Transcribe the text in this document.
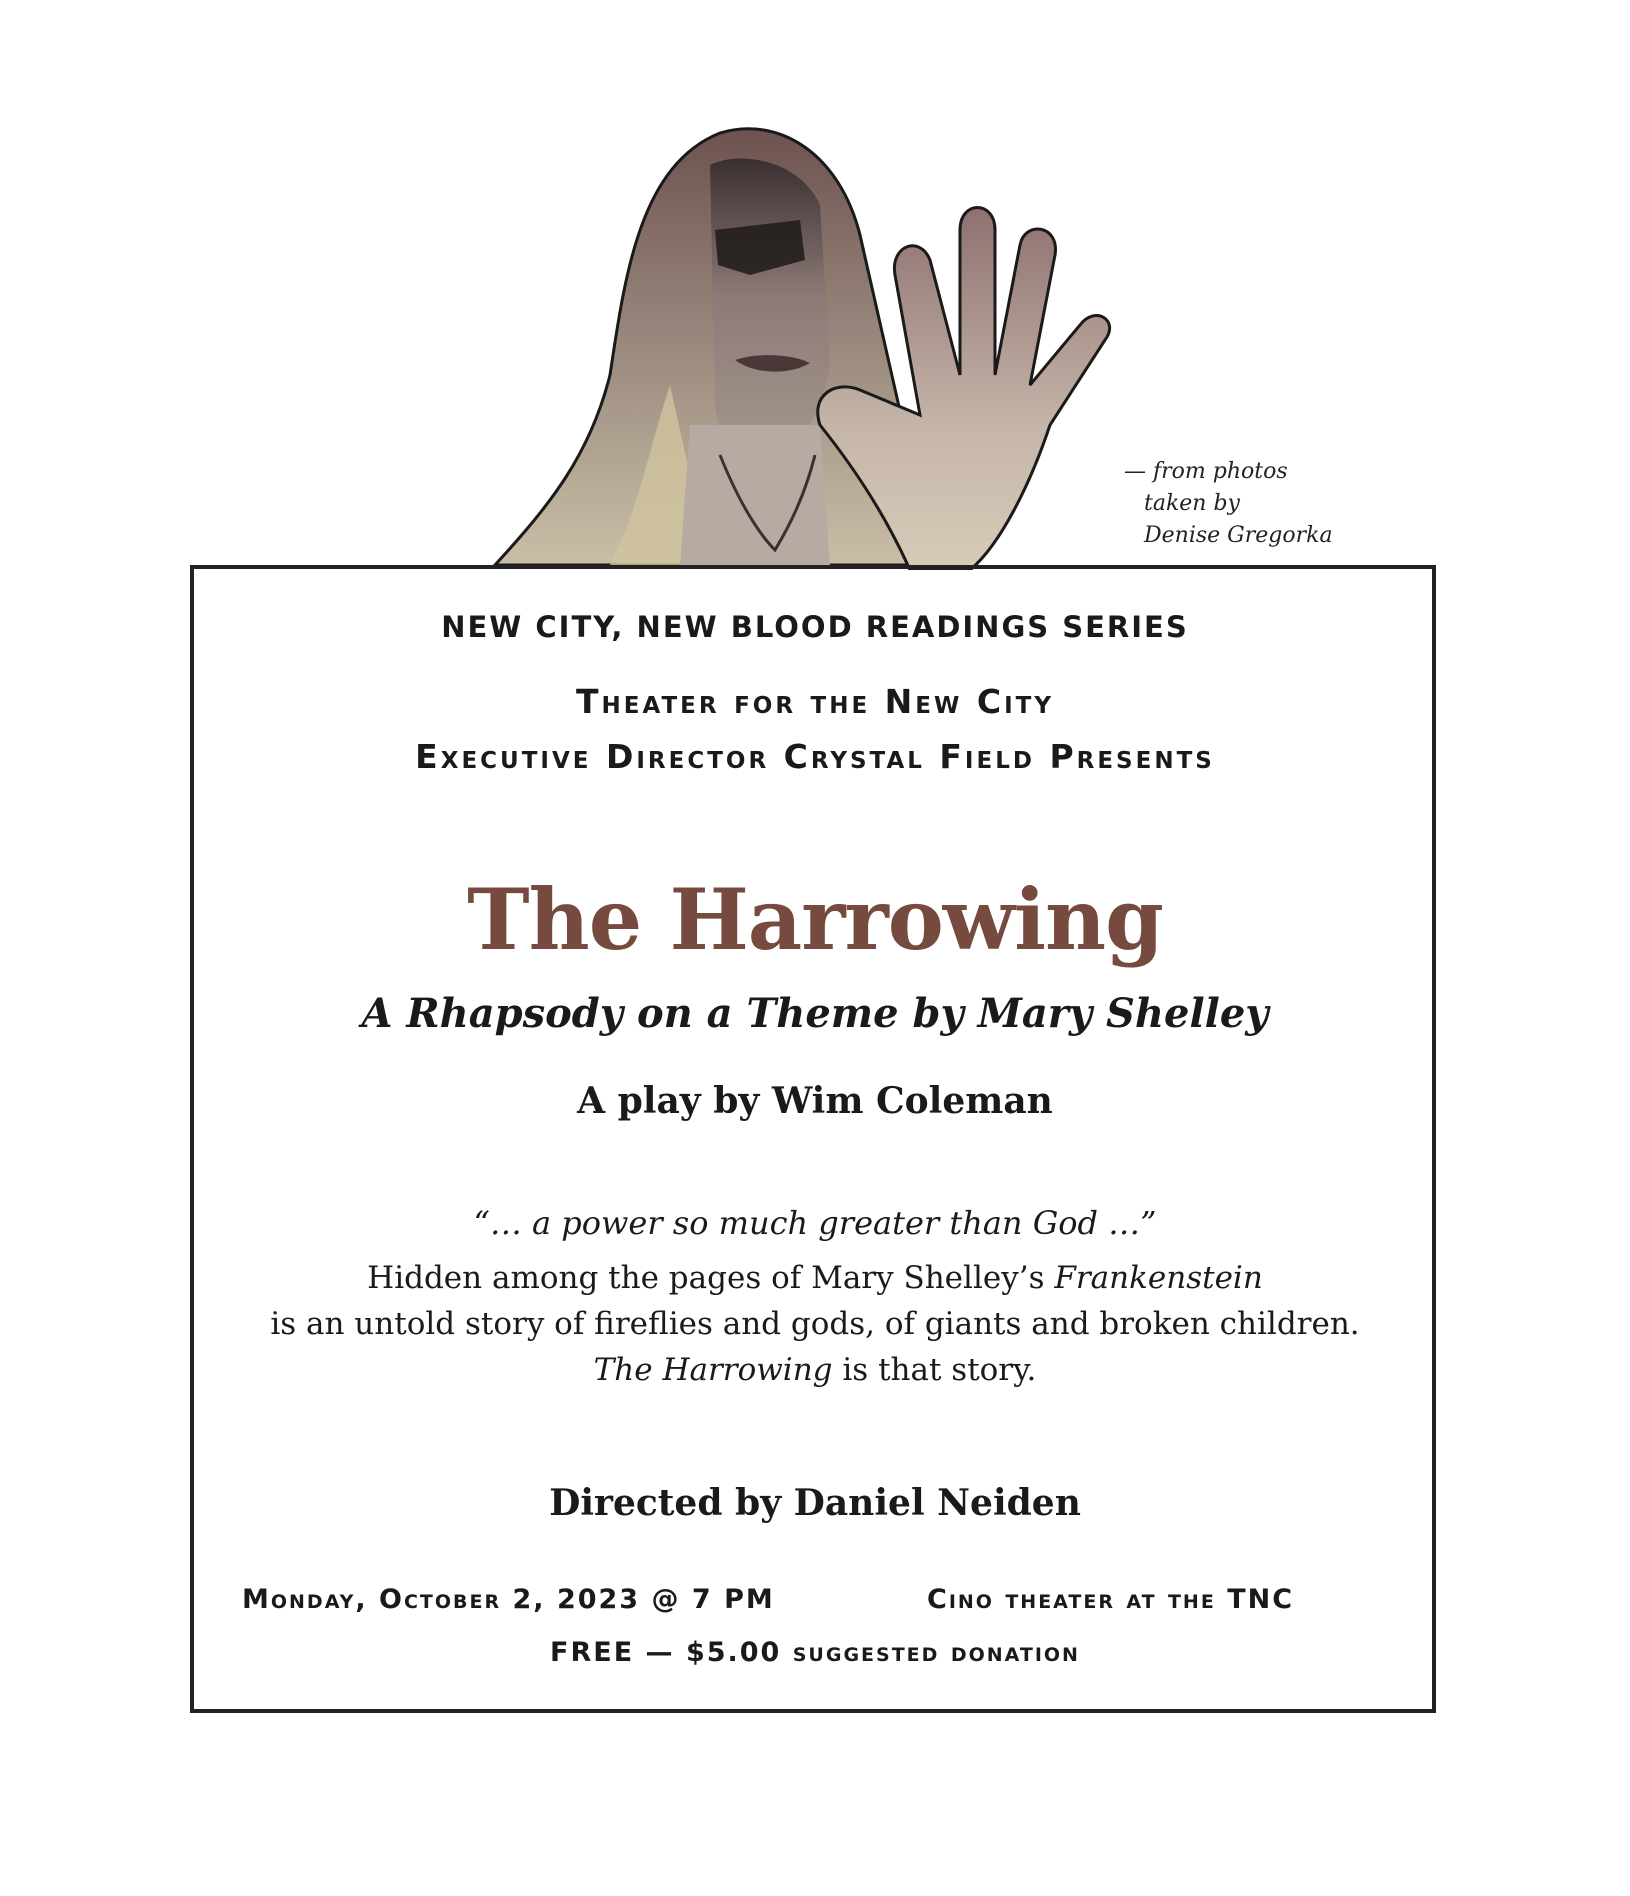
— from photos
taken by
Denise Gregorka
NEW CITY, NEW BLOOD READINGS SERIES
Theater for the New City
Executive Director Crystal Field Presents
The Harrowing
A Rhapsody on a Theme by Mary Shelley
A play by Wim Coleman
“… a power so much greater than God …”
Hidden among the pages of Mary Shelley’s Frankenstein
is an untold story of fireflies and gods, of giants and broken children.
The Harrowing is that story.
Directed by Daniel Neiden
Monday, October 2, 2023 @ 7 PM	Cino theater at the TNC
FREE — $5.00 suggested donation
